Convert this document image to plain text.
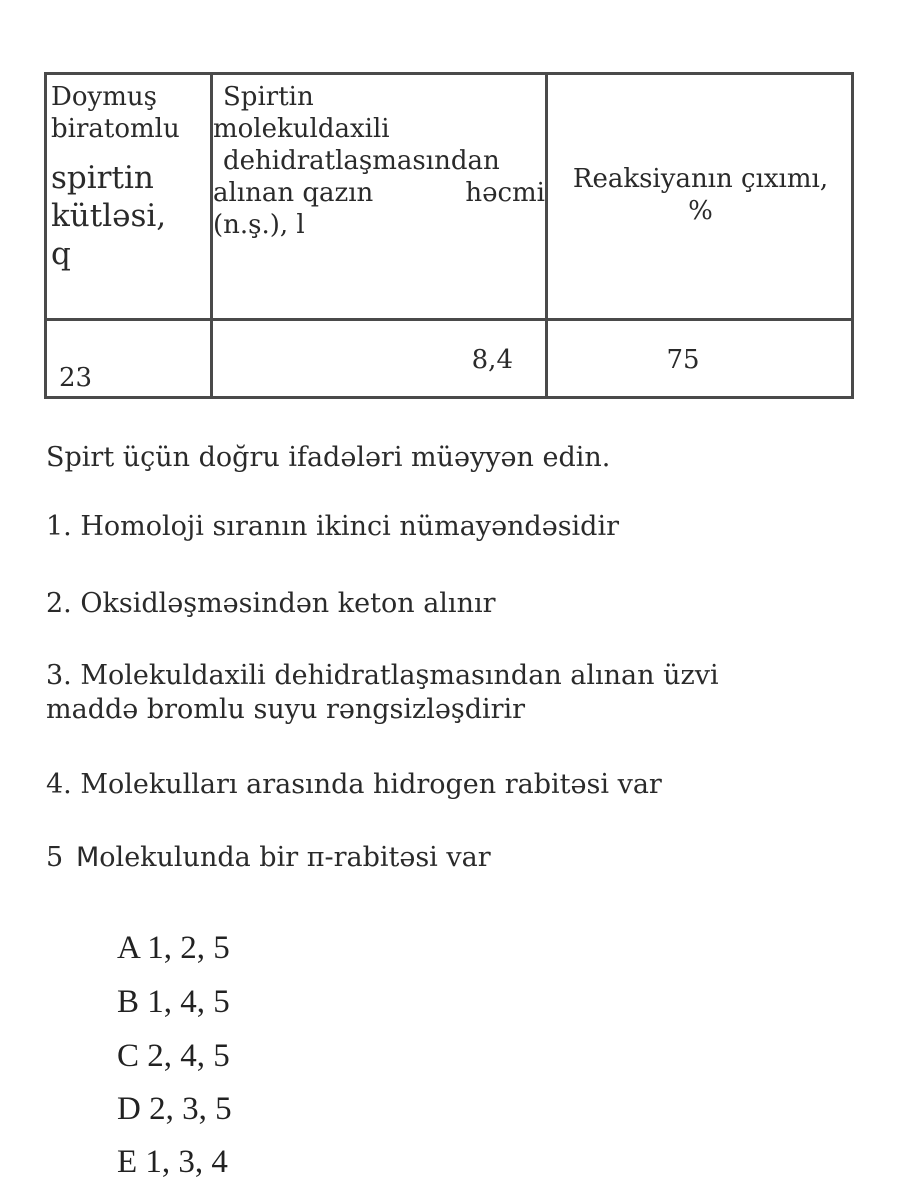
Doymuş
biratomlu
spirtin
kütləsi,
q
Spirtin
molekuldaxili
dehidratlaşmasından
alınan qazın	həcmi
(n.ş.), l
Reaksiyanın çıxımı,
%
23
8,4	75
Spirt üçün doğru ifadələri müəyyən edin.
1. Homoloji sıranın ikinci nümayəndəsidir
2. Oksidləşməsindən keton alınır
3. Molekuldaxili dehidratlaşmasından alınan üzvi
maddə bromlu suyu rəngsizləşdirir
4. Molekulları arasında hidrogen rabitəsi var
5 Molekulunda bir π-rabitəsi var
A 1, 2, 5
B 1, 4, 5
C 2, 4, 5
D 2, 3, 5
E 1, 3, 4
